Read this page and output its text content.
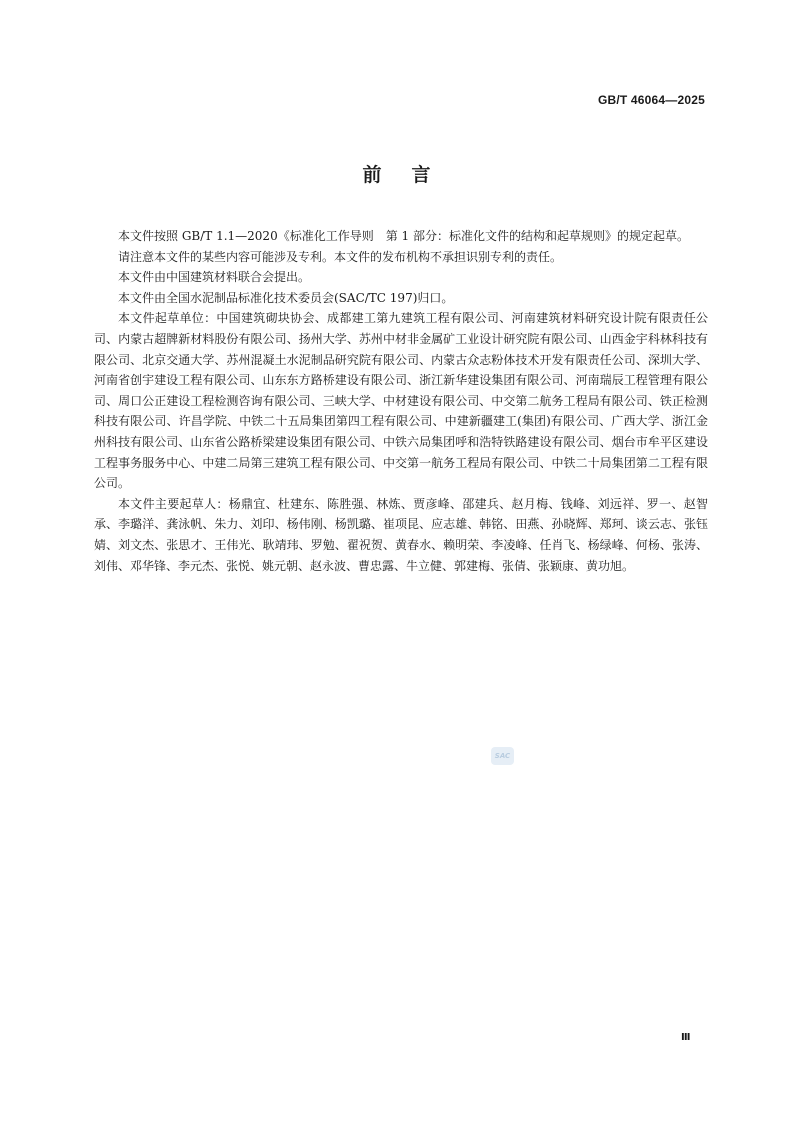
GB/T 46064—2025
前言

本文件按照 GB/T 1.1—2020《标准化工作导则　第 1 部分：标准化文件的结构和起草规则》的规定起草。

请注意本文件的某些内容可能涉及专利。本文件的发布机构不承担识别专利的责任。

本文件由中国建筑材料联合会提出。

本文件由全国水泥制品标准化技术委员会(SAC/TC 197)归口。

本文件起草单位：中国建筑砌块协会、成都建工第九建筑工程有限公司、河南建筑材料研究设计院有限责任公司、内蒙古超牌新材料股份有限公司、扬州大学、苏州中材非金属矿工业设计研究院有限公司、山西金宇科林科技有限公司、北京交通大学、苏州混凝土水泥制品研究院有限公司、内蒙古众志粉体技术开发有限责任公司、深圳大学、河南省创宇建设工程有限公司、山东东方路桥建设有限公司、浙江新华建设集团有限公司、河南瑞辰工程管理有限公司、周口公正建设工程检测咨询有限公司、三峡大学、中材建设有限公司、中交第二航务工程局有限公司、铁正检测科技有限公司、许昌学院、中铁二十五局集团第四工程有限公司、中建新疆建工(集团)有限公司、广西大学、浙江金州科技有限公司、山东省公路桥梁建设集团有限公司、中铁六局集团呼和浩特铁路建设有限公司、烟台市牟平区建设工程事务服务中心、中建二局第三建筑工程有限公司、中交第一航务工程局有限公司、中铁二十局集团第二工程有限公司。

本文件主要起草人：杨鼎宜、杜建东、陈胜强、林炼、贾彦峰、邵建兵、赵月梅、钱峰、刘远祥、罗一、赵智承、李璐洋、龚泳帆、朱力、刘印、杨伟刚、杨凯璐、崔项昆、应志雄、韩铭、田燕、孙晓辉、郑珂、谈云志、张钰婧、刘文杰、张思才、王伟光、耿靖玮、罗勉、翟祝贺、黄春水、赖明荣、李凌峰、任肖飞、杨绿峰、何杨、张涛、刘伟、邓华锋、李元杰、张悦、姚元朝、赵永波、曹忠露、牛立健、郭建梅、张倩、张颖康、黄功旭。

SAC
Ⅲ
